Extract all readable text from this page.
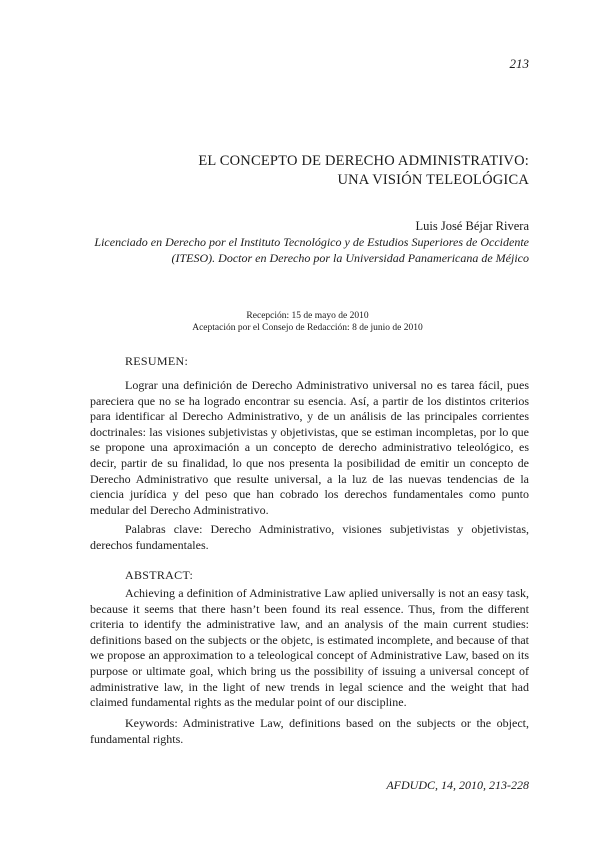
213
EL CONCEPTO DE DERECHO ADMINISTRATIVO:
UNA VISIÓN TELEOLÓGICA
Luis José Béjar Rivera
Licenciado en Derecho por el Instituto Tecnológico y de Estudios Superiores de Occidente
(ITESO). Doctor en Derecho por la Universidad Panamericana de Méjico
Recepción: 15 de mayo de 2010
Aceptación por el Consejo de Redacción: 8 de junio de 2010
RESUMEN:

Lograr una definición de Derecho Administrativo universal no es tarea fácil, pues pareciera que no se ha logrado encontrar su esencia. Así, a partir de los distintos criterios para identificar al Derecho Administrativo, y de un análisis de las principales corrientes doctrinales: las visiones subjetivistas y objetivistas, que se estiman incompletas, por lo que se propone una aproximación a un concepto de derecho administrativo teleológico, es decir, partir de su finalidad, lo que nos presenta la posibilidad de emitir un concepto de Derecho Administrativo que resulte universal, a la luz de las nuevas tendencias de la ciencia jurídica y del peso que han cobrado los derechos fundamentales como punto medular del Derecho Administrativo.

Palabras clave: Derecho Administrativo, visiones subjetivistas y objetivistas, derechos fundamentales.

ABSTRACT:

Achieving a definition of Administrative Law aplied universally is not an easy task, because it seems that there hasn’t been found its real essence. Thus, from the different criteria to identify the administrative law, and an analysis of the main current studies: definitions based on the subjects or the objetc, is estimated incomplete, and because of that we propose an approximation to a teleological concept of Administrative Law, based on its purpose or ultimate goal, which bring us the possibility of issuing a universal concept of administrative law, in the light of new trends in legal science and the weight that had claimed fundamental rights as the medular point of our discipline.

Keywords: Administrative Law, definitions based on the subjects or the object, fundamental rights.

AFDUDC, 14, 2010, 213-228
